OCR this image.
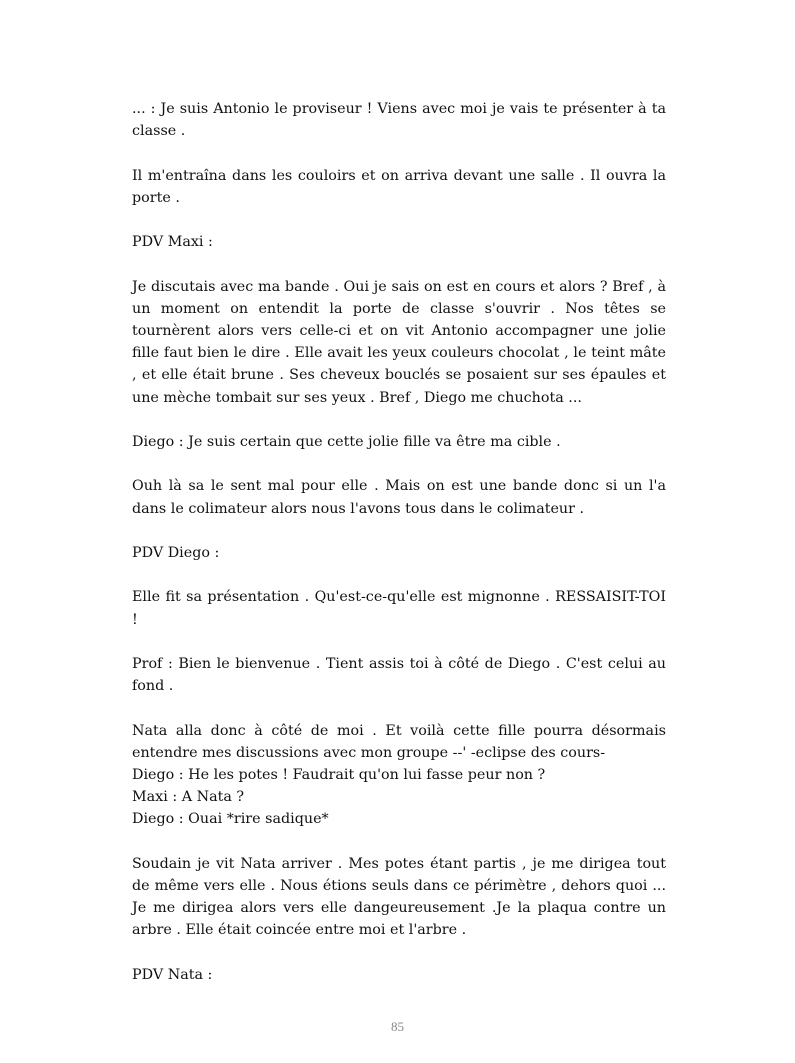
... : Je suis Antonio le proviseur ! Viens avec moi je vais te présenter à ta classe .

Il m'entraîna dans les couloirs et on arriva devant une salle . Il ouvra la porte .

PDV Maxi :

Je discutais avec ma bande . Oui je sais on est en cours et alors ? Bref , à un moment on entendit la porte de classe s'ouvrir . Nos têtes se tournèrent alors vers celle-ci et on vit Antonio accompagner une jolie fille faut bien le dire . Elle avait les yeux couleurs chocolat , le teint mâte , et elle était brune . Ses cheveux bouclés se posaient sur ses épaules et une mèche tombait sur ses yeux . Bref , Diego me chuchota ...

Diego : Je suis certain que cette jolie fille va être ma cible .

Ouh là sa le sent mal pour elle . Mais on est une bande donc si un l'a dans le colimateur alors nous l'avons tous dans le colimateur .

PDV Diego :

Elle fit sa présentation . Qu'est-ce-qu'elle est mignonne . RESSAISIT-TOI !

Prof : Bien le bienvenue . Tient assis toi à côté de Diego . C'est celui au fond .

Nata alla donc à côté de moi . Et voilà cette fille pourra désormais entendre mes discussions avec mon groupe --' -eclipse des cours-
Diego : He les potes ! Faudrait qu'on lui fasse peur non ?
Maxi : A Nata ?
Diego : Ouai *rire sadique*

Soudain je vit Nata arriver . Mes potes étant partis , je me dirigea tout de même vers elle . Nous étions seuls dans ce périmètre , dehors quoi ... Je me dirigea alors vers elle dangeureusement .Je la plaqua contre un arbre . Elle était coincée entre moi et l'arbre .

PDV Nata :

85
